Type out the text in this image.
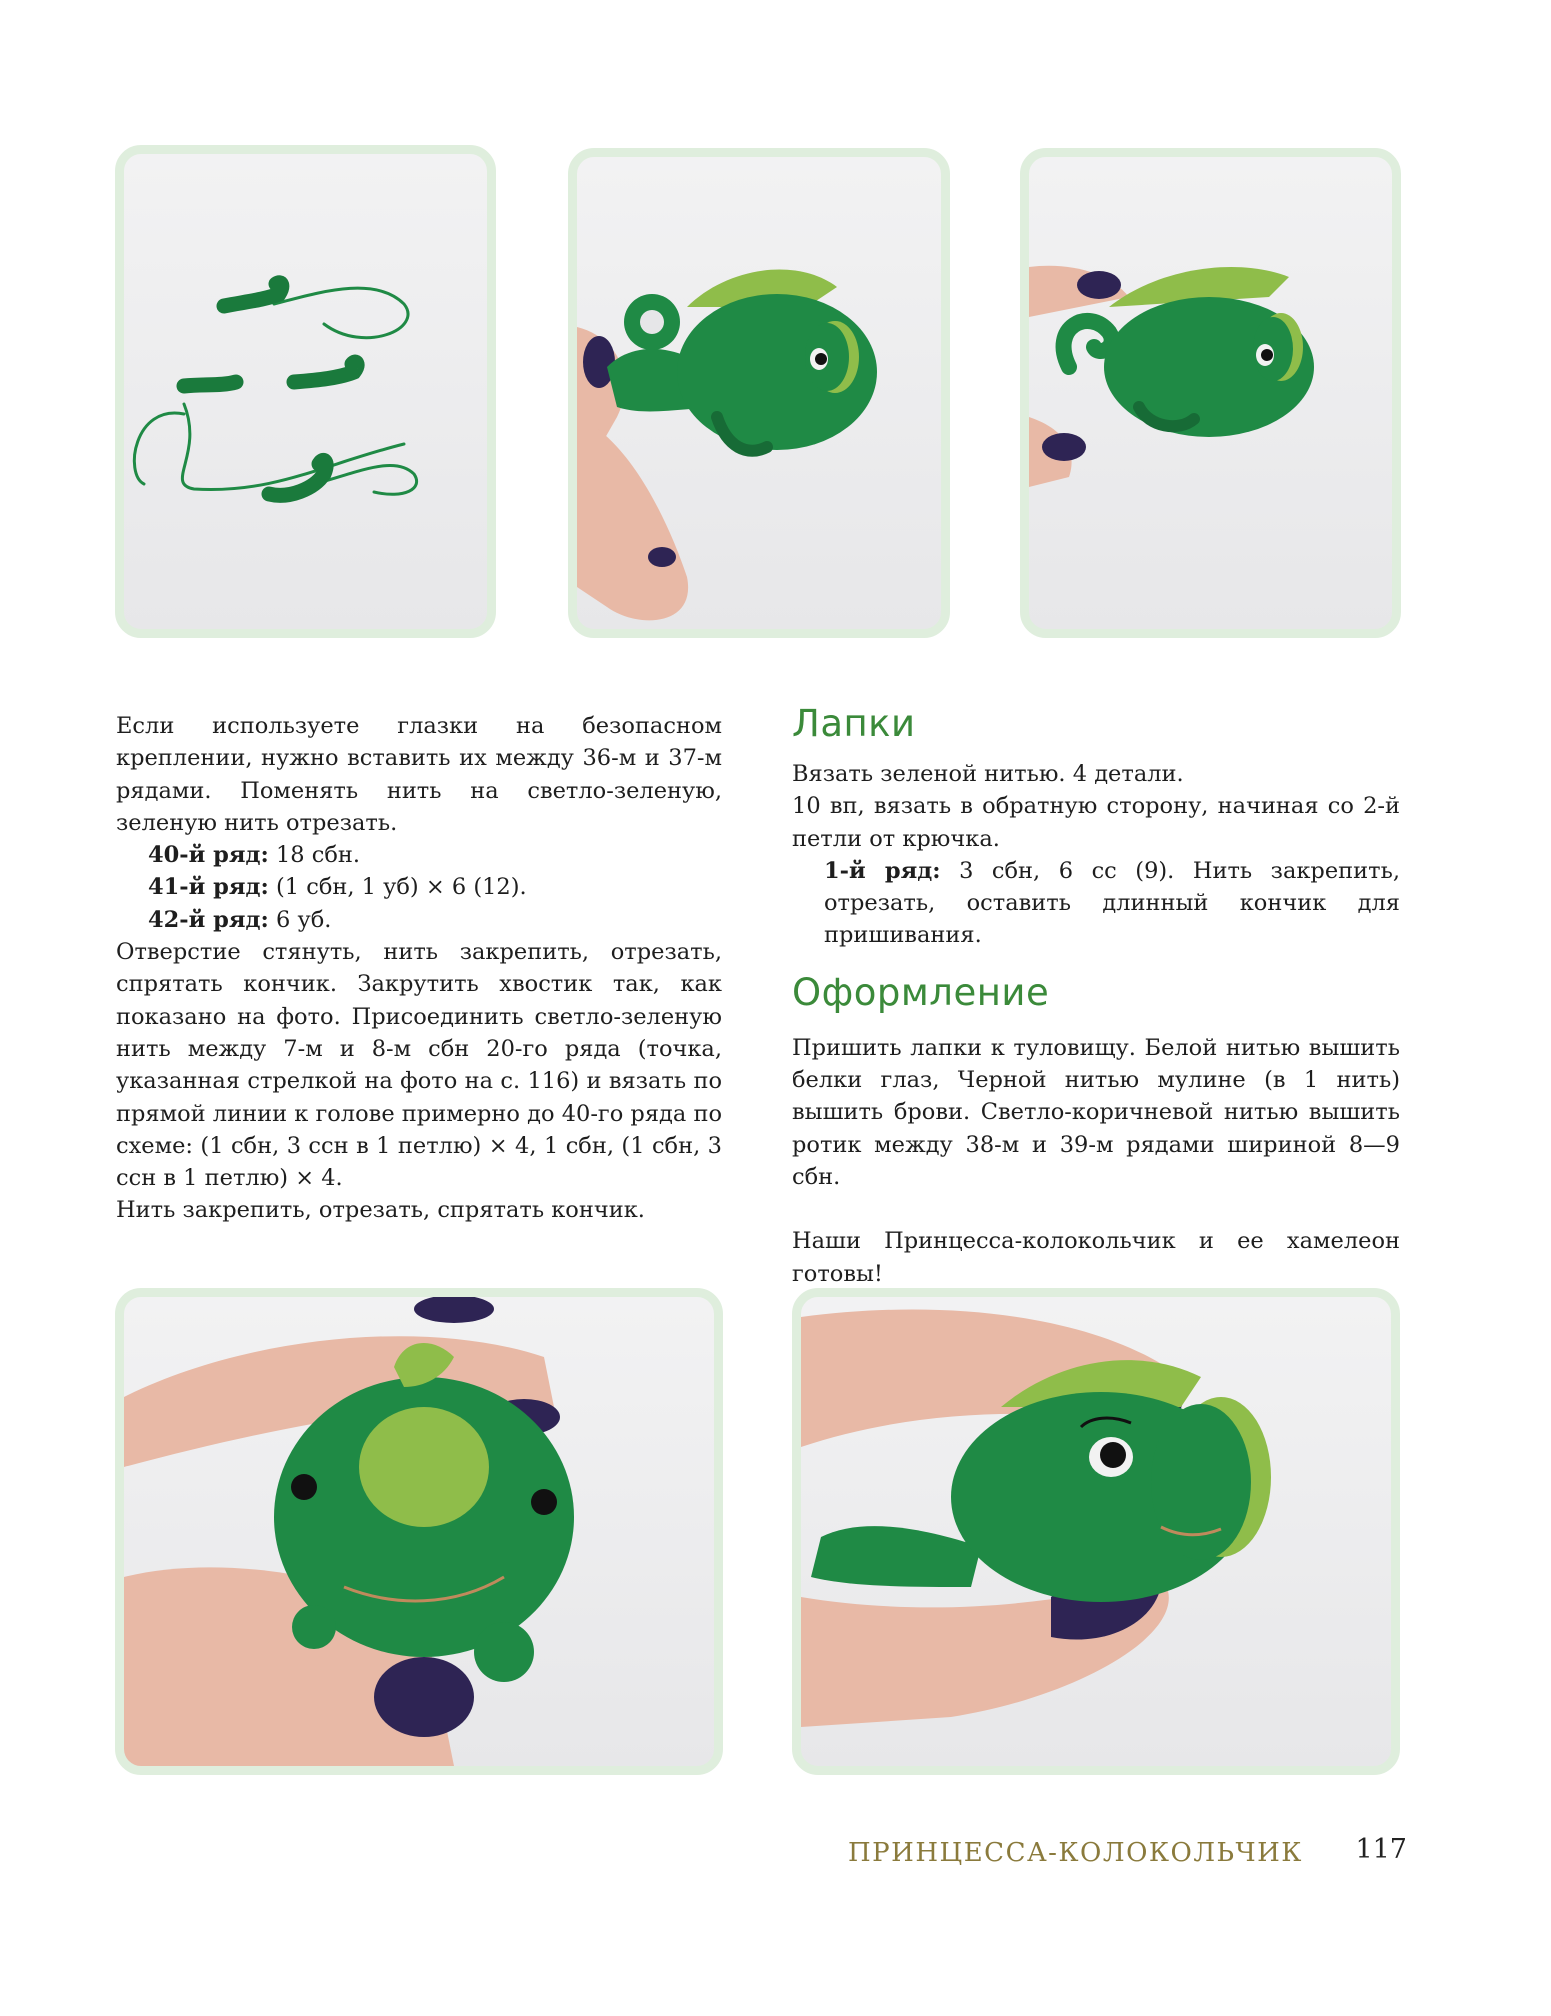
Если используете глазки на безопасном креплении, нужно вставить их между 36-м и 37-м рядами. Поменять нить на светло-зеленую, зеленую нить отрезать.

40-й ряд: 18 сбн.

41-й ряд: (1 сбн, 1 уб) × 6 (12).

42-й ряд: 6 уб.

Отверстие стянуть, нить закрепить, отрезать, спрятать кончик. Закрутить хвостик так, как показано на фото. Присоединить светло-зеленую нить между 7-м и 8-м сбн 20-го ряда (точка, указанная стрелкой на фото на с. 116) и вязать по прямой линии к голове примерно до 40-го ряда по схеме: (1 сбн, 3 ссн в 1 петлю) × 4, 1 сбн, (1 сбн, 3 ссн в 1 петлю) × 4.

Нить закрепить, отрезать, спрятать кончик.

Лапки

Вязать зеленой нитью. 4 детали.

10 вп, вязать в обратную сторону, начиная со 2-й петли от крючка.

1-й ряд: 3 сбн, 6 сс (9). Нить закрепить, отрезать, оставить длинный кончик для пришивания.

Оформление

Пришить лапки к туловищу. Белой нитью вышить белки глаз, Черной нитью мулине (в 1 нить) вышить брови. Светло-коричневой нитью вышить ротик между 38-м и 39-м рядами шириной 8—9 сбн.

Наши Принцесса-колокольчик и ее хамелеон готовы!

ПРИНЦЕССА-КОЛОКОЛЬЧИК 117
